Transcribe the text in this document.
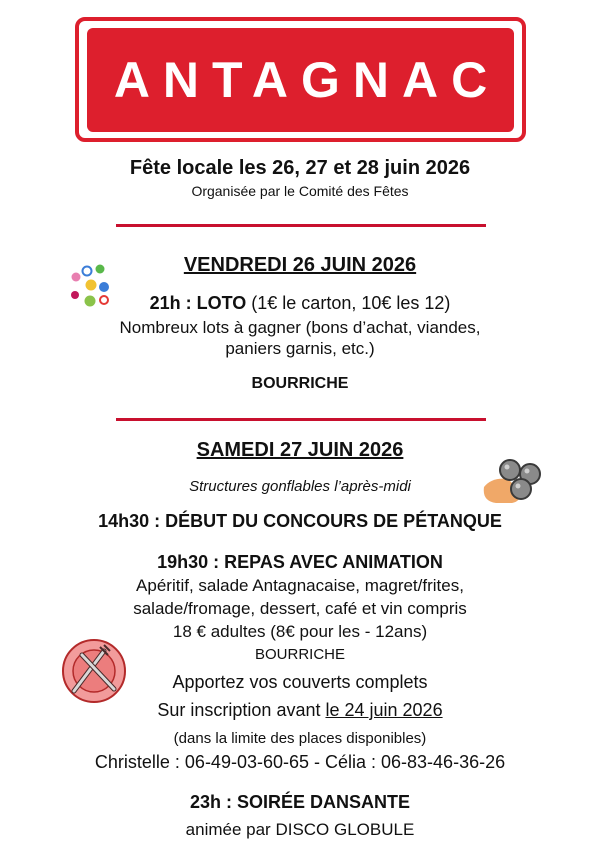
ANTAGNAC
Fête locale les 26, 27 et 28 juin 2026
Organisée par le Comité des Fêtes
VENDREDI 26 JUIN 2026
21h : LOTO (1€ le carton, 10€ les 12)
Nombreux lots à gagner (bons d’achat, viandes,
paniers garnis, etc.)
BOURRICHE
SAMEDI 27 JUIN 2026
Structures gonflables l’après-midi
14h30 : DÉBUT DU CONCOURS DE PÉTANQUE
19h30 : REPAS AVEC ANIMATION
Apéritif, salade Antagnacaise, magret/frites,
salade/fromage, dessert, café et vin compris
18 € adultes (8€ pour les - 12ans)
BOURRICHE
Apportez vos couverts complets
Sur inscription avant le 24 juin 2026
(dans la limite des places disponibles)
Christelle : 06-49-03-60-65 - Célia : 06-83-46-36-26
23h : SOIRÉE DANSANTE
animée par DISCO GLOBULE
